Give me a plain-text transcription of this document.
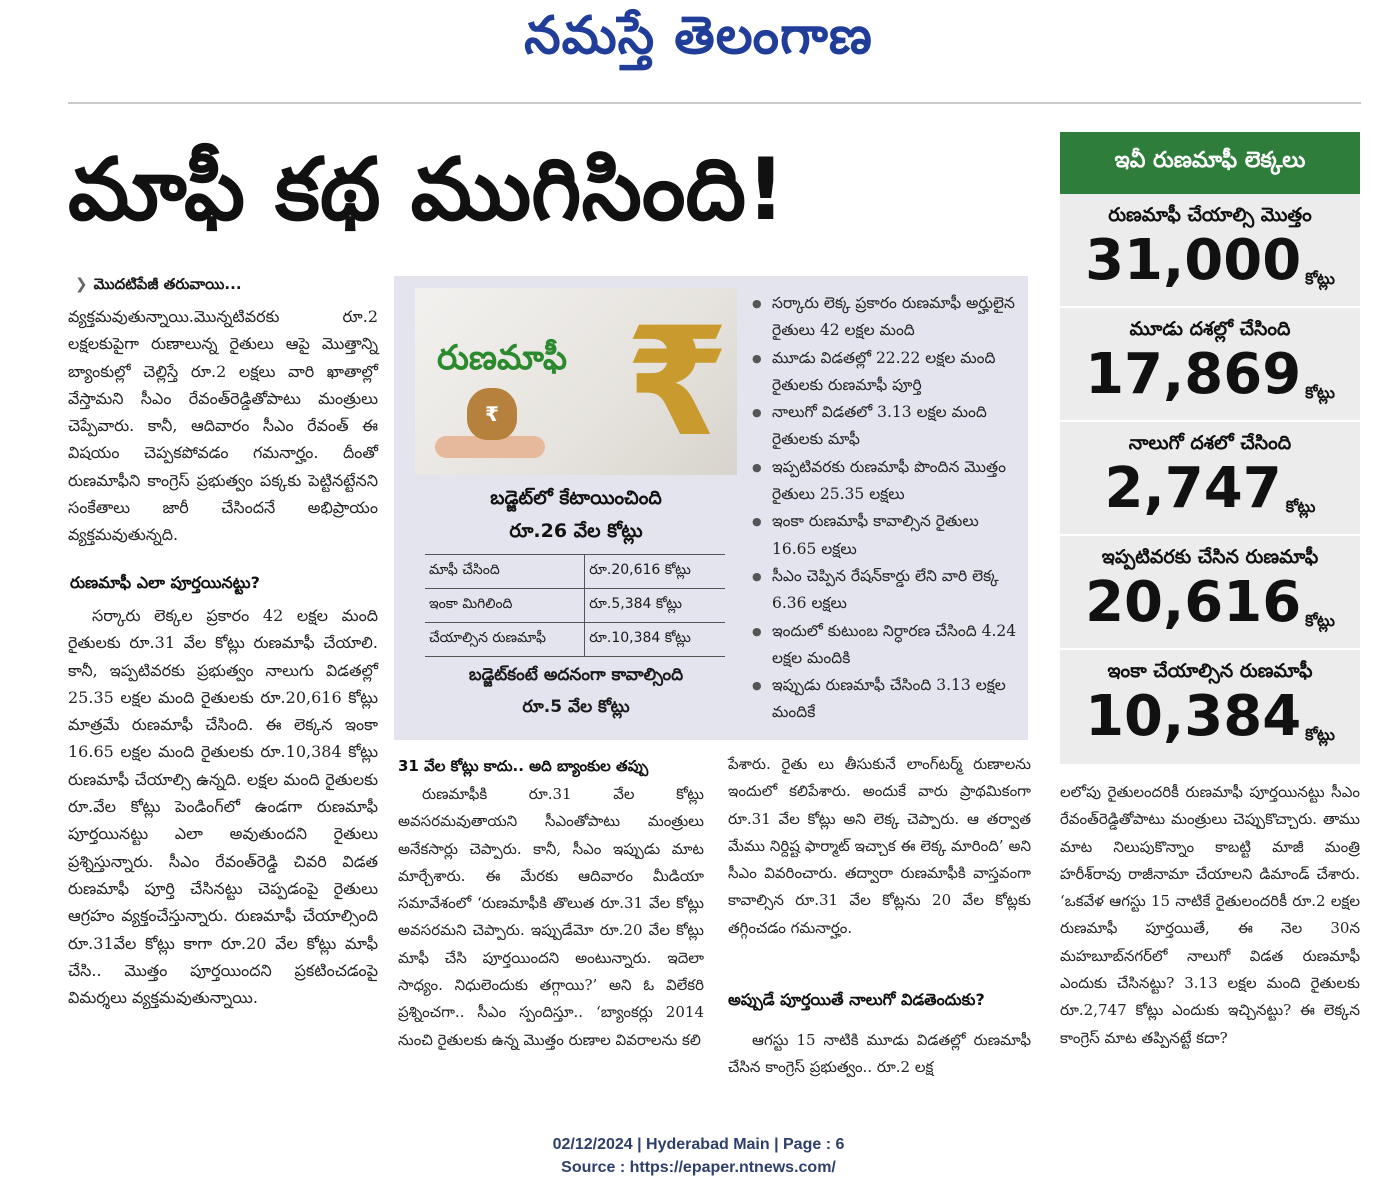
నమస్తే తెలంగాణ
మాఫీ కథ ముగిసింది!	ఇవీ రుణమాఫీ లెక్కలు
రుణమాఫీ చేయాల్సి మొత్తం
31,000 కోట్లు
మూడు దశల్లో చేసింది
17,869 కోట్లు
నాలుగో దశలో చేసింది
2,747 కోట్లు
ఇప్పటివరకు చేసిన రుణమాఫీ
20,616 కోట్లు
ఇంకా చేయాల్సిన రుణమాఫీ
10,384 కోట్లు
❯ మొదటిపేజీ తరువాయి...

వ్యక్తమవుతున్నాయి.మొన్నటివరకు రూ.2 లక్షలకుపైగా రుణాలున్న రైతులు ఆపై మొత్తాన్ని బ్యాంకుల్లో చెల్లిస్తే రూ.2 లక్షలు వారి ఖాతాల్లో వేస్తామని సీఎం రేవంత్‌రెడ్డితోపాటు మంత్రులు చెప్పేవారు. కానీ, ఆదివారం సీఎం రేవంత్ ఈ విషయం చెప్పకపోవడం గమనార్హం. దీంతో రుణమాఫీని కాంగ్రెస్ ప్రభుత్వం పక్కకు పెట్టినట్టేనని సంకేతాలు జారీ చేసిందనే అభిప్రాయం వ్యక్తమవుతున్నది.

రుణమాఫీ ఎలా పూర్తయినట్టు?

సర్కారు లెక్కల ప్రకారం 42 లక్షల మంది రైతులకు రూ.31 వేల కోట్లు రుణమాఫీ చేయాలి. కానీ, ఇప్పటివరకు ప్రభుత్వం నాలుగు విడతల్లో 25.35 లక్షల మంది రైతులకు రూ.20,616 కోట్లు మాత్రమే రుణమాఫీ చేసింది. ఈ లెక్కన ఇంకా 16.65 లక్షల మంది రైతులకు రూ.10,384 కోట్లు రుణమాఫీ చేయాల్సి ఉన్నది. లక్షల మంది రైతులకు రూ.వేల కోట్లు పెండింగ్‌లో ఉండగా రుణమాఫీ పూర్తయినట్టు ఎలా అవుతుందని రైతులు ప్రశ్నిస్తున్నారు. సీఎం రేవంత్‌రెడ్డి చివరి విడత రుణమాఫీ పూర్తి చేసినట్టు చెప్పడంపై రైతులు ఆగ్రహం వ్యక్తంచేస్తున్నారు. రుణమాఫీ చేయాల్సింది రూ.31వేల కోట్లు కాగా రూ.20 వేల కోట్లు మాఫీ చేసి.. మొత్తం పూర్తయిందని ప్రకటించడంపై విమర్శలు వ్యక్తమవుతున్నాయి.

రుణమాఫీ ₹
₹
బడ్జెట్‌లో కేటాయించింది
రూ.26 వేల కోట్లు
మాఫీ చేసింది	రూ.20,616 కోట్లు
ఇంకా మిగిలింది	రూ.5,384 కోట్లు
చేయాల్సిన రుణమాఫీ	రూ.10,384 కోట్లు
బడ్జెట్‌కంటే అదనంగా కావాల్సింది
రూ.5 వేల కోట్లు
● సర్కారు లెక్క ప్రకారం రుణమాఫీ అర్హులైన రైతులు 42 లక్షల మంది
● మూడు విడతల్లో 22.22 లక్షల మంది రైతులకు రుణమాఫీ పూర్తి
● నాలుగో విడతలో 3.13 లక్షల మంది రైతులకు మాఫీ
● ఇప్పటివరకు రుణమాఫీ పొందిన మొత్తం రైతులు 25.35 లక్షలు
● ఇంకా రుణమాఫీ కావాల్సిన రైతులు 16.65 లక్షలు
● సీఎం చెప్పిన రేషన్‌కార్డు లేని వారి లెక్క 6.36 లక్షలు
● ఇందులో కుటుంబ నిర్ధారణ చేసింది 4.24 లక్షల మందికి
● ఇప్పుడు రుణమాఫీ చేసింది 3.13 లక్షల మందికే
31 వేల కోట్లు కాదు.. అది బ్యాంకుల తప్పు

రుణమాఫీకి రూ.31 వేల కోట్లు అవసరమవుతాయని సీఎంతోపాటు మంత్రులు అనేకసార్లు చెప్పారు. కానీ, సీఎం ఇప్పుడు మాట మార్చేశారు. ఈ మేరకు ఆదివారం మీడియా సమావేశంలో ‘రుణమాఫీకి తొలుత రూ.31 వేల కోట్లు అవసరమని చెప్పారు. ఇప్పుడేమో రూ.20 వేల కోట్లు మాఫీ చేసి పూర్తయిందని అంటున్నారు. ఇదెలా సాధ్యం. నిధులెందుకు తగ్గాయి?’ అని ఓ విలేకరి ప్రశ్నించగా.. సీఎం స్పందిస్తూ.. ‘బ్యాంకర్లు 2014 నుంచి రైతులకు ఉన్న మొత్తం రుణాల వివరాలను కలి

పేశారు. రైతు లు తీసుకునే లాంగ్‌టర్మ్ రుణాలను ఇందులో కలిపేశారు. అందుకే వారు ప్రాథమికంగా రూ.31 వేల కోట్లు అని లెక్క చెప్పారు. ఆ తర్వాత మేము నిర్దిష్ట ఫార్మాట్ ఇచ్చాక ఈ లెక్క మారింది’ అని సీఎం వివరించారు. తద్వారా రుణమాఫీకి వాస్తవంగా కావాల్సిన రూ.31 వేల కోట్లను 20 వేల కోట్లకు తగ్గించడం గమనార్హం.

అప్పుడే పూర్తయితే నాలుగో విడతెందుకు?

ఆగస్టు 15 నాటికి మూడు విడతల్లో రుణమాఫీ చేసిన కాంగ్రెస్ ప్రభుత్వం.. రూ.2 లక్ష

లలోపు రైతులందరికీ రుణమాఫీ పూర్తయినట్టు సీఎం రేవంత్‌రెడ్డితోపాటు మంత్రులు చెప్పుకొచ్చారు. తాము మాట నిలుపుకొన్నాం కాబట్టి మాజీ మంత్రి హరీశ్‌రావు రాజీనామా చేయాలని డిమాండ్ చేశారు. ‘ఒకవేళ ఆగస్టు 15 నాటికే రైతులందరికీ రూ.2 లక్షల రుణమాఫీ పూర్తయితే, ఈ నెల 30న మహబూబ్‌నగర్‌లో నాలుగో విడత రుణమాఫీ ఎందుకు చేసినట్టు? 3.13 లక్షల మంది రైతులకు రూ.2,747 కోట్లు ఎందుకు ఇచ్చినట్టు? ఈ లెక్కన కాంగ్రెస్ మాట తప్పినట్టే కదా?

02/12/2024 | Hyderabad Main | Page : 6
Source : https://epaper.ntnews.com/
